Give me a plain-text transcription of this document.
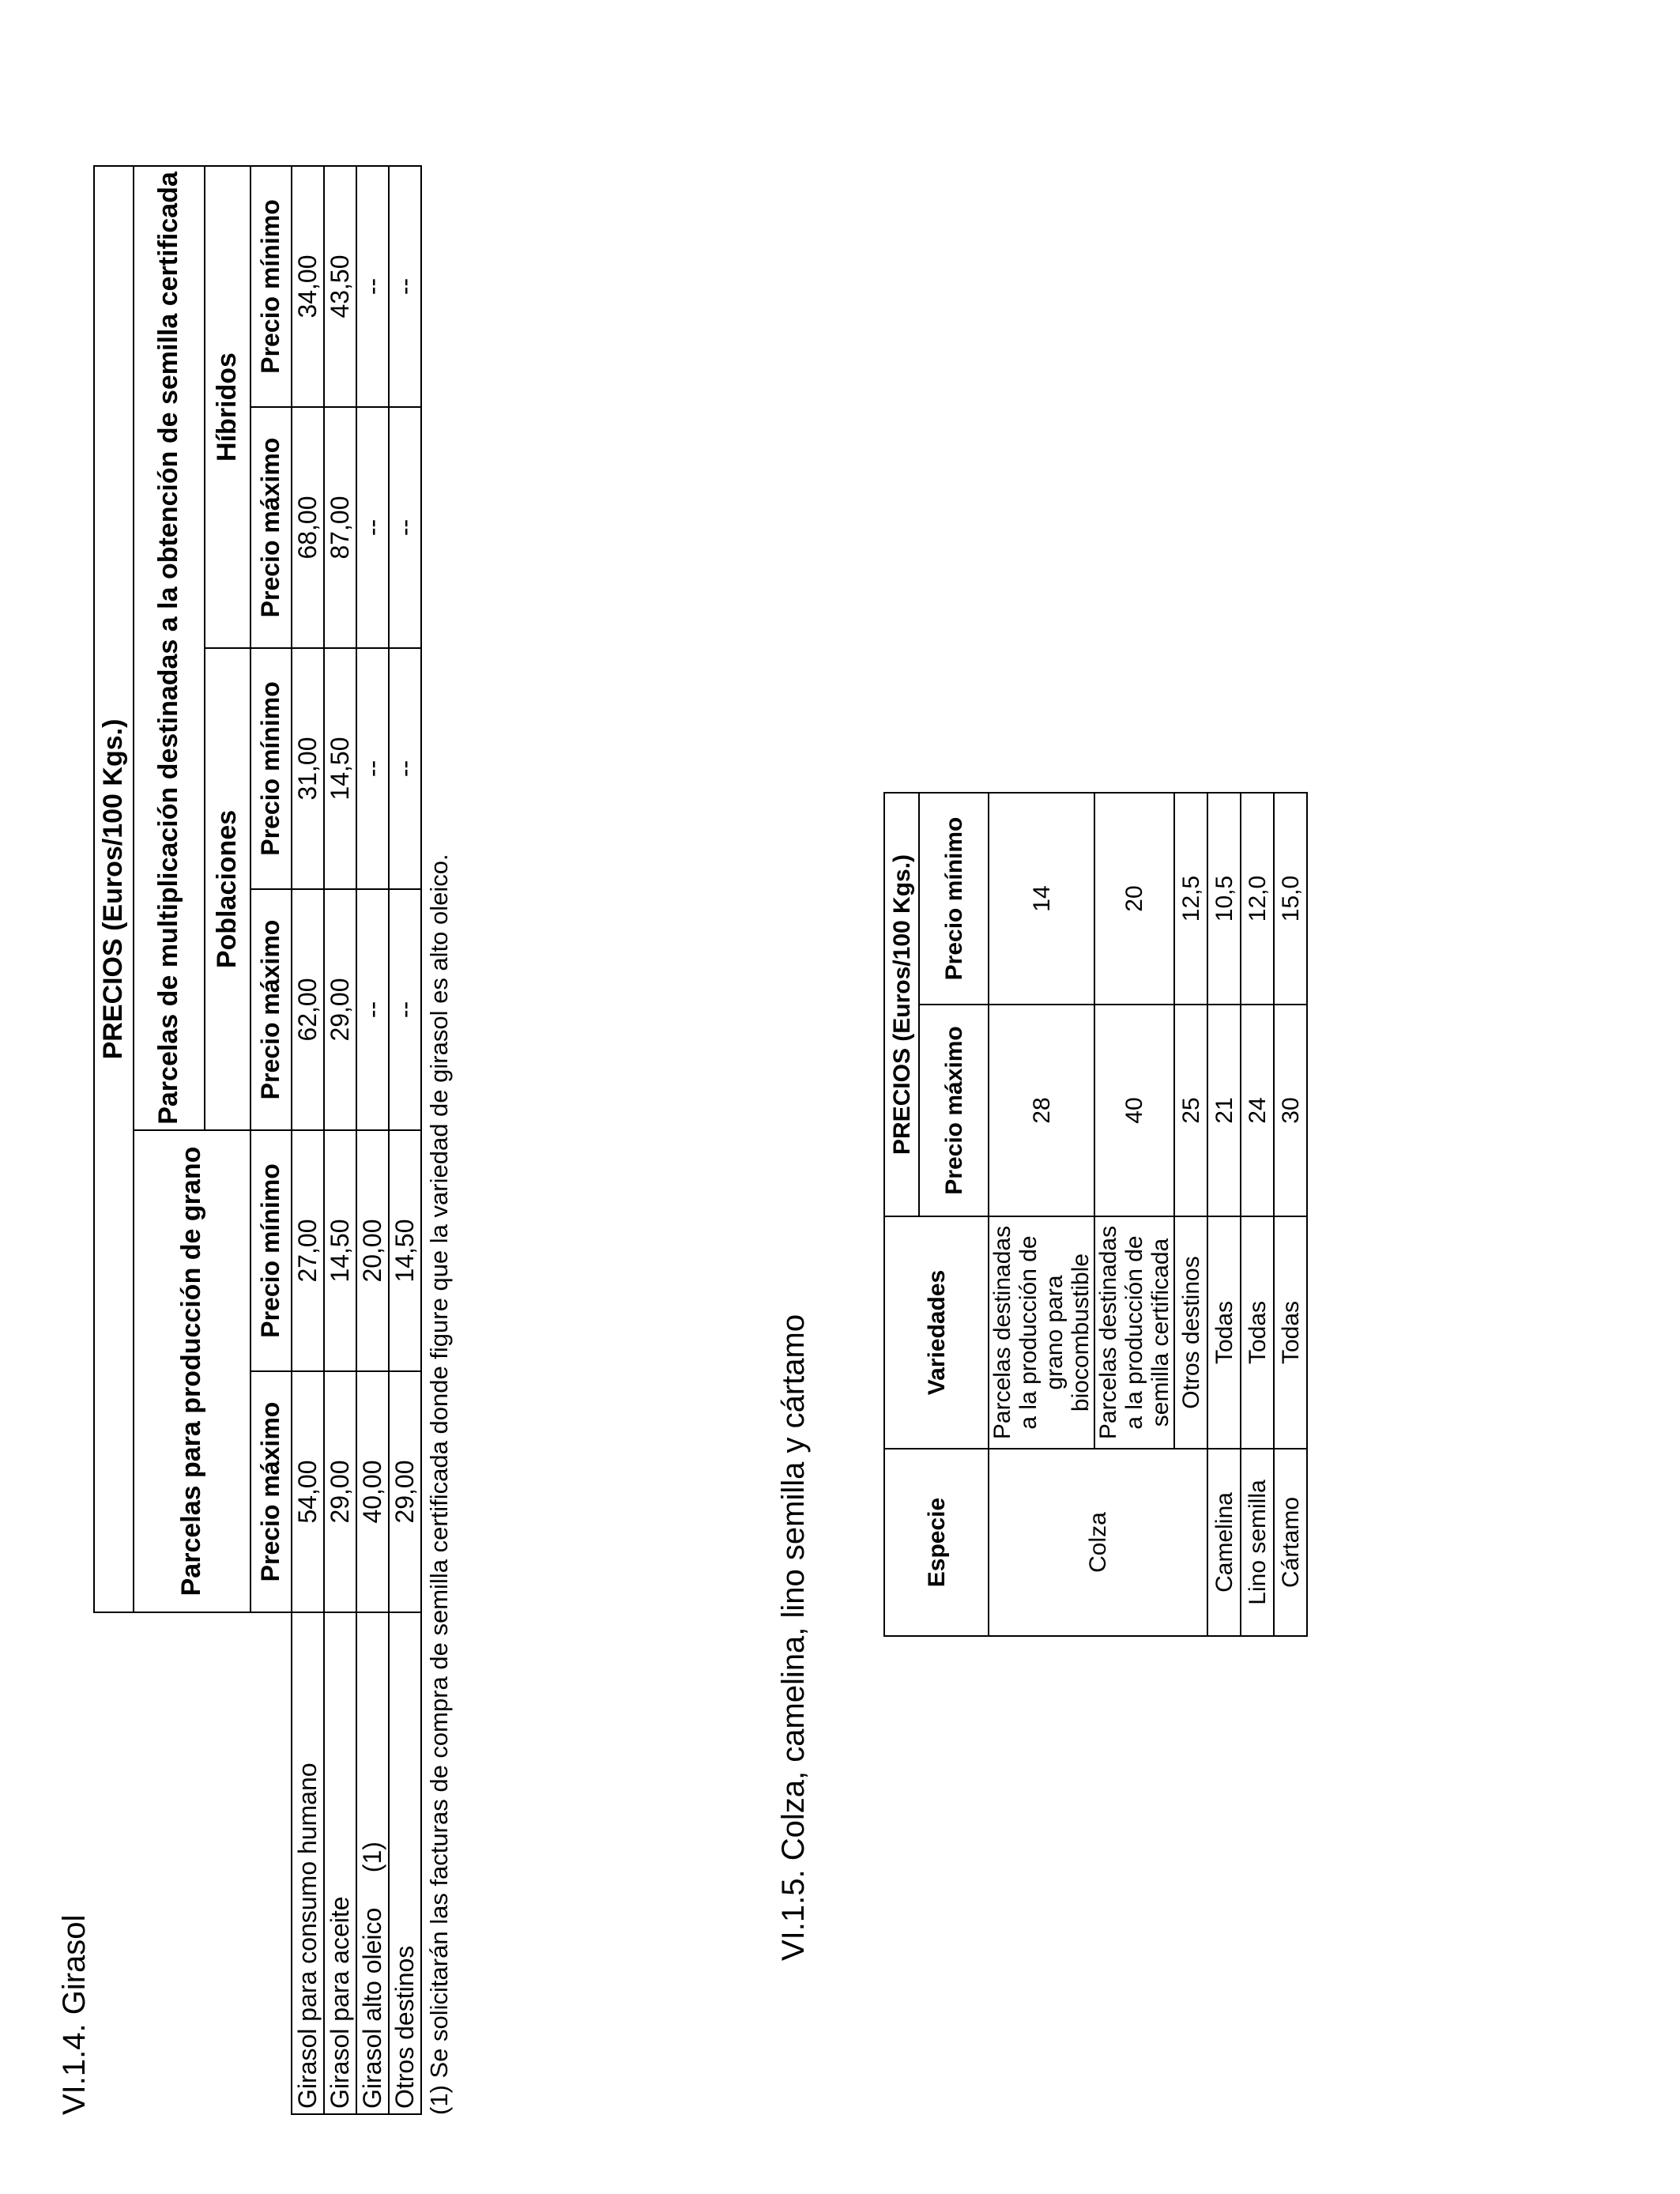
VI.1.4. Girasol
	PRECIOS (Euros/100 Kgs.)					
	Parcelas para producción de grano		Parcelas de multiplicación destinadas a la obtención de semilla certificada			
			Poblaciones		Híbridos	
	Precio máximo	Precio mínimo	Precio máximo	Precio mínimo	Precio máximo	Precio mínimo
Girasol para consumo humano	54,00	27,00	62,00	31,00	68,00	34,00
Girasol para aceite	29,00	14,50	29,00	14,50	87,00	43,50
Girasol alto oleico     (1)	40,00	20,00	--	--	--	--
Otros destinos	29,00	14,50	--	--	--	--
(1) Se solicitarán las facturas de compra de semilla certificada donde figure que la variedad de girasol es alto oleico.	VI.1.5. Colza, camelina, lino semilla y cártamo	Especie	Variedades	PRECIOS (Euros/100 Kgs.)	
		Precio máximo	Precio mínimo
Colza	Parcelas destinadas a la producción de grano para biocombustible	28	14
	Parcelas destinadas a la producción de semilla certificada	40	20
	Otros destinos	25	12,5
Camelina	Todas	21	10,5
Lino semilla	Todas	24	12,0
Cártamo	Todas	30	15,0
